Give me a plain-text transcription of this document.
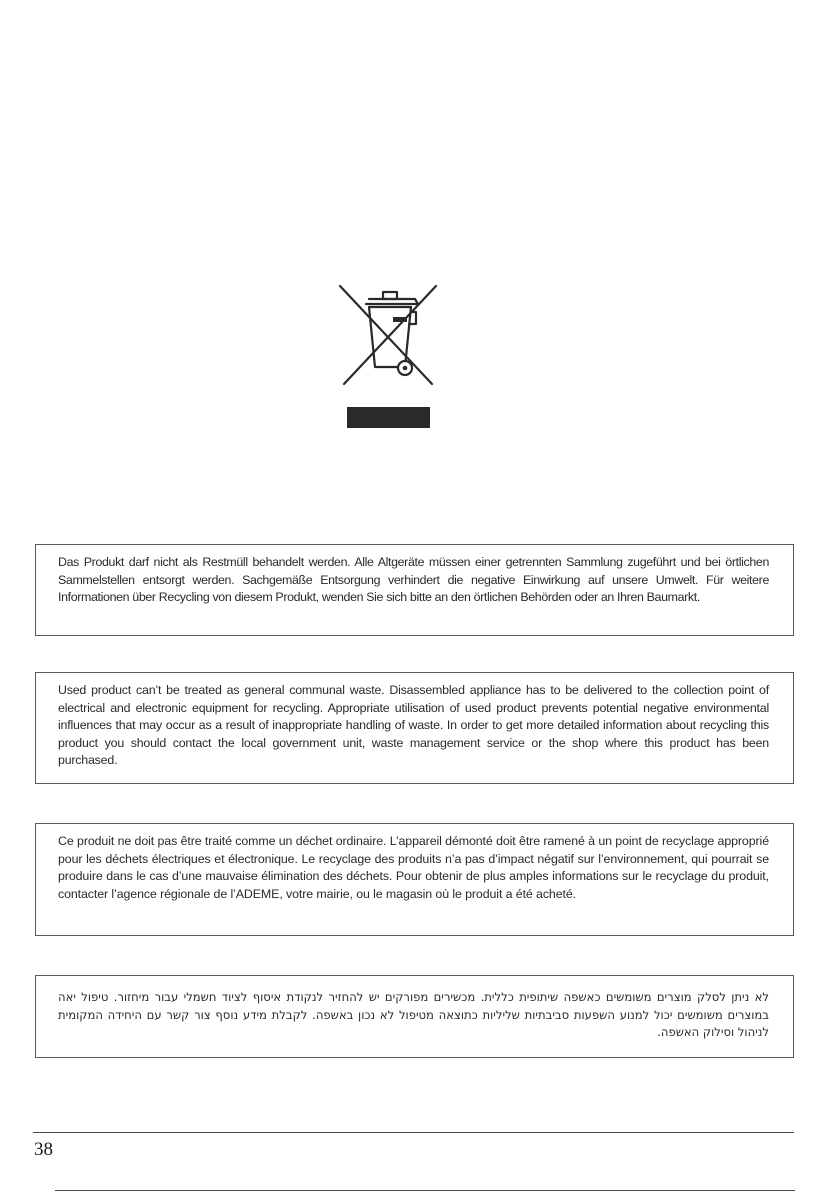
Das Produkt darf nicht als Restmüll behandelt werden. Alle Altgeräte müssen einer getrennten Sammlung zugeführt und bei örtlichen Sammelstellen entsorgt werden. Sachgemäße Entsorgung verhindert die negative Einwirkung auf unsere Umwelt. Für weitere Informationen über Recycling von diesem Produkt, wenden Sie sich bitte an den örtlichen Behörden oder an Ihren Baumarkt.

Used product can’t be treated as general communal waste. Disassembled appliance has to be delivered to the collection point of electrical and electronic equipment for recycling. Appropriate utilisation of used product prevents potential negative environmental influences that may occur as a result of inappropriate handling of waste. In order to get more detailed information about recycling this product you should contact the local government unit, waste management service or the shop where this product has been purchased.

Ce produit ne doit pas être traité comme un déchet ordinaire. L’appareil démonté doit être ramené à un point de recyclage approprié pour les déchets électriques et électronique. Le recyclage des produits n’a pas d’impact négatif sur l’environnement, qui pourrait se produire dans le cas d’une mauvaise élimination des déchets. Pour obtenir de plus amples informations sur le recyclage du produit, contacter l’agence régionale de l’ADEME, votre mairie, ou le magasin où le produit a été acheté.

לא ניתן לסלק מוצרים משומשים כאשפה שיתופית כללית. מכשירים מפורקים יש להחזיר לנקודת איסוף לציוד חשמלי עבור מיחזור. טיפול יאה במוצרים משומשים יכול למנוע השפעות סביבתיות שליליות כתוצאה מטיפול לא נכון באשפה. לקבלת מידע נוסף צור קשר עם היחידה המקומית לניהול וסילוק האשפה.

38
